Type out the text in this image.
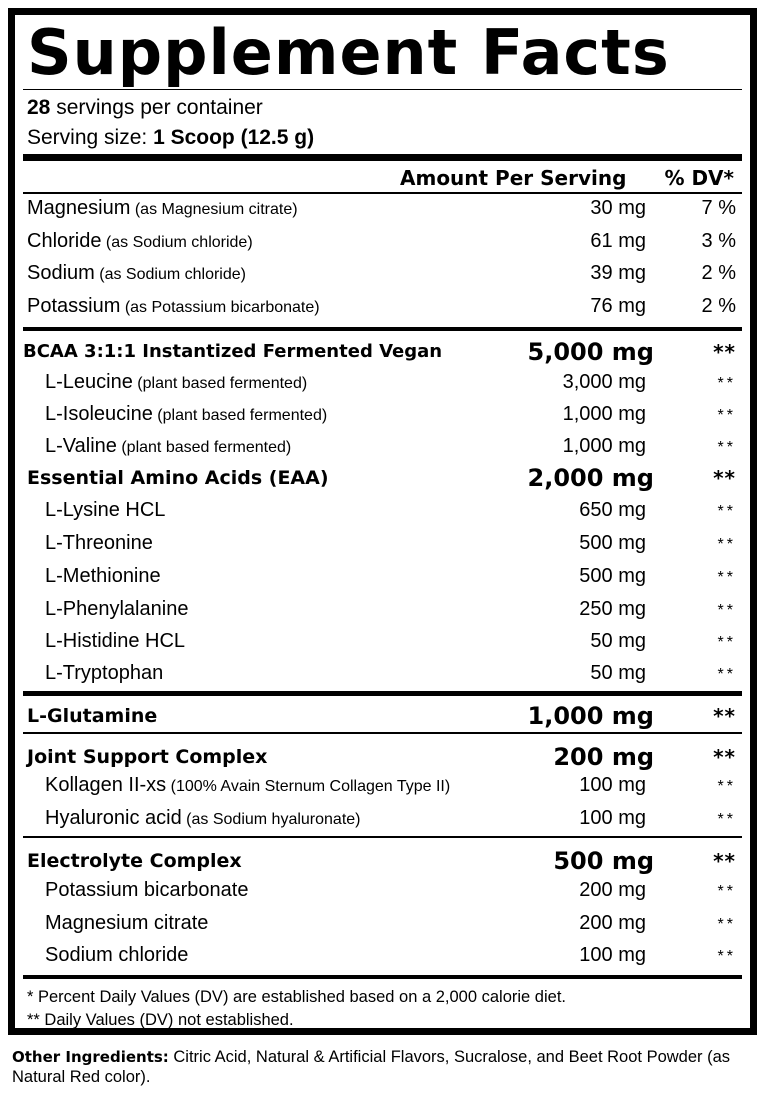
Supplement Facts
28 servings per container
Serving size: 1 Scoop (12.5 g)
Amount Per Serving % DV*
Magnesium (as Magnesium citrate)	30 mg	7 %
Chloride (as Sodium chloride)	61 mg	3 %
Sodium (as Sodium chloride)	39 mg	2 %
Potassium (as Potassium bicarbonate)	76 mg	2 %
BCAA 3:1:1 Instantized Fermented Vegan	5,000 mg	**
L-Leucine (plant based fermented)	3,000 mg	**
L-Isoleucine (plant based fermented)	1,000 mg	**
L-Valine (plant based fermented)	1,000 mg	**
Essential Amino Acids (EAA)	2,000 mg	**
L-Lysine HCL	650 mg	**
L-Threonine	500 mg	**
L-Methionine	500 mg	**
L-Phenylalanine	250 mg	**
L-Histidine HCL	50 mg	**
L-Tryptophan	50 mg	**
L-Glutamine	1,000 mg	**
Joint Support Complex	200 mg	**
Kollagen II-xs (100% Avain Sternum Collagen Type II)	100 mg	**
Hyaluronic acid (as Sodium hyaluronate)	100 mg	**
Electrolyte Complex	500 mg	**
Potassium bicarbonate	200 mg	**
Magnesium citrate	200 mg	**
Sodium chloride	100 mg	**
* Percent Daily Values (DV) are established based on a 2,000 calorie diet.
** Daily Values (DV) not established.
Other Ingredients: Citric Acid, Natural & Artificial Flavors, Sucralose, and Beet Root Powder (as Natural Red color).
